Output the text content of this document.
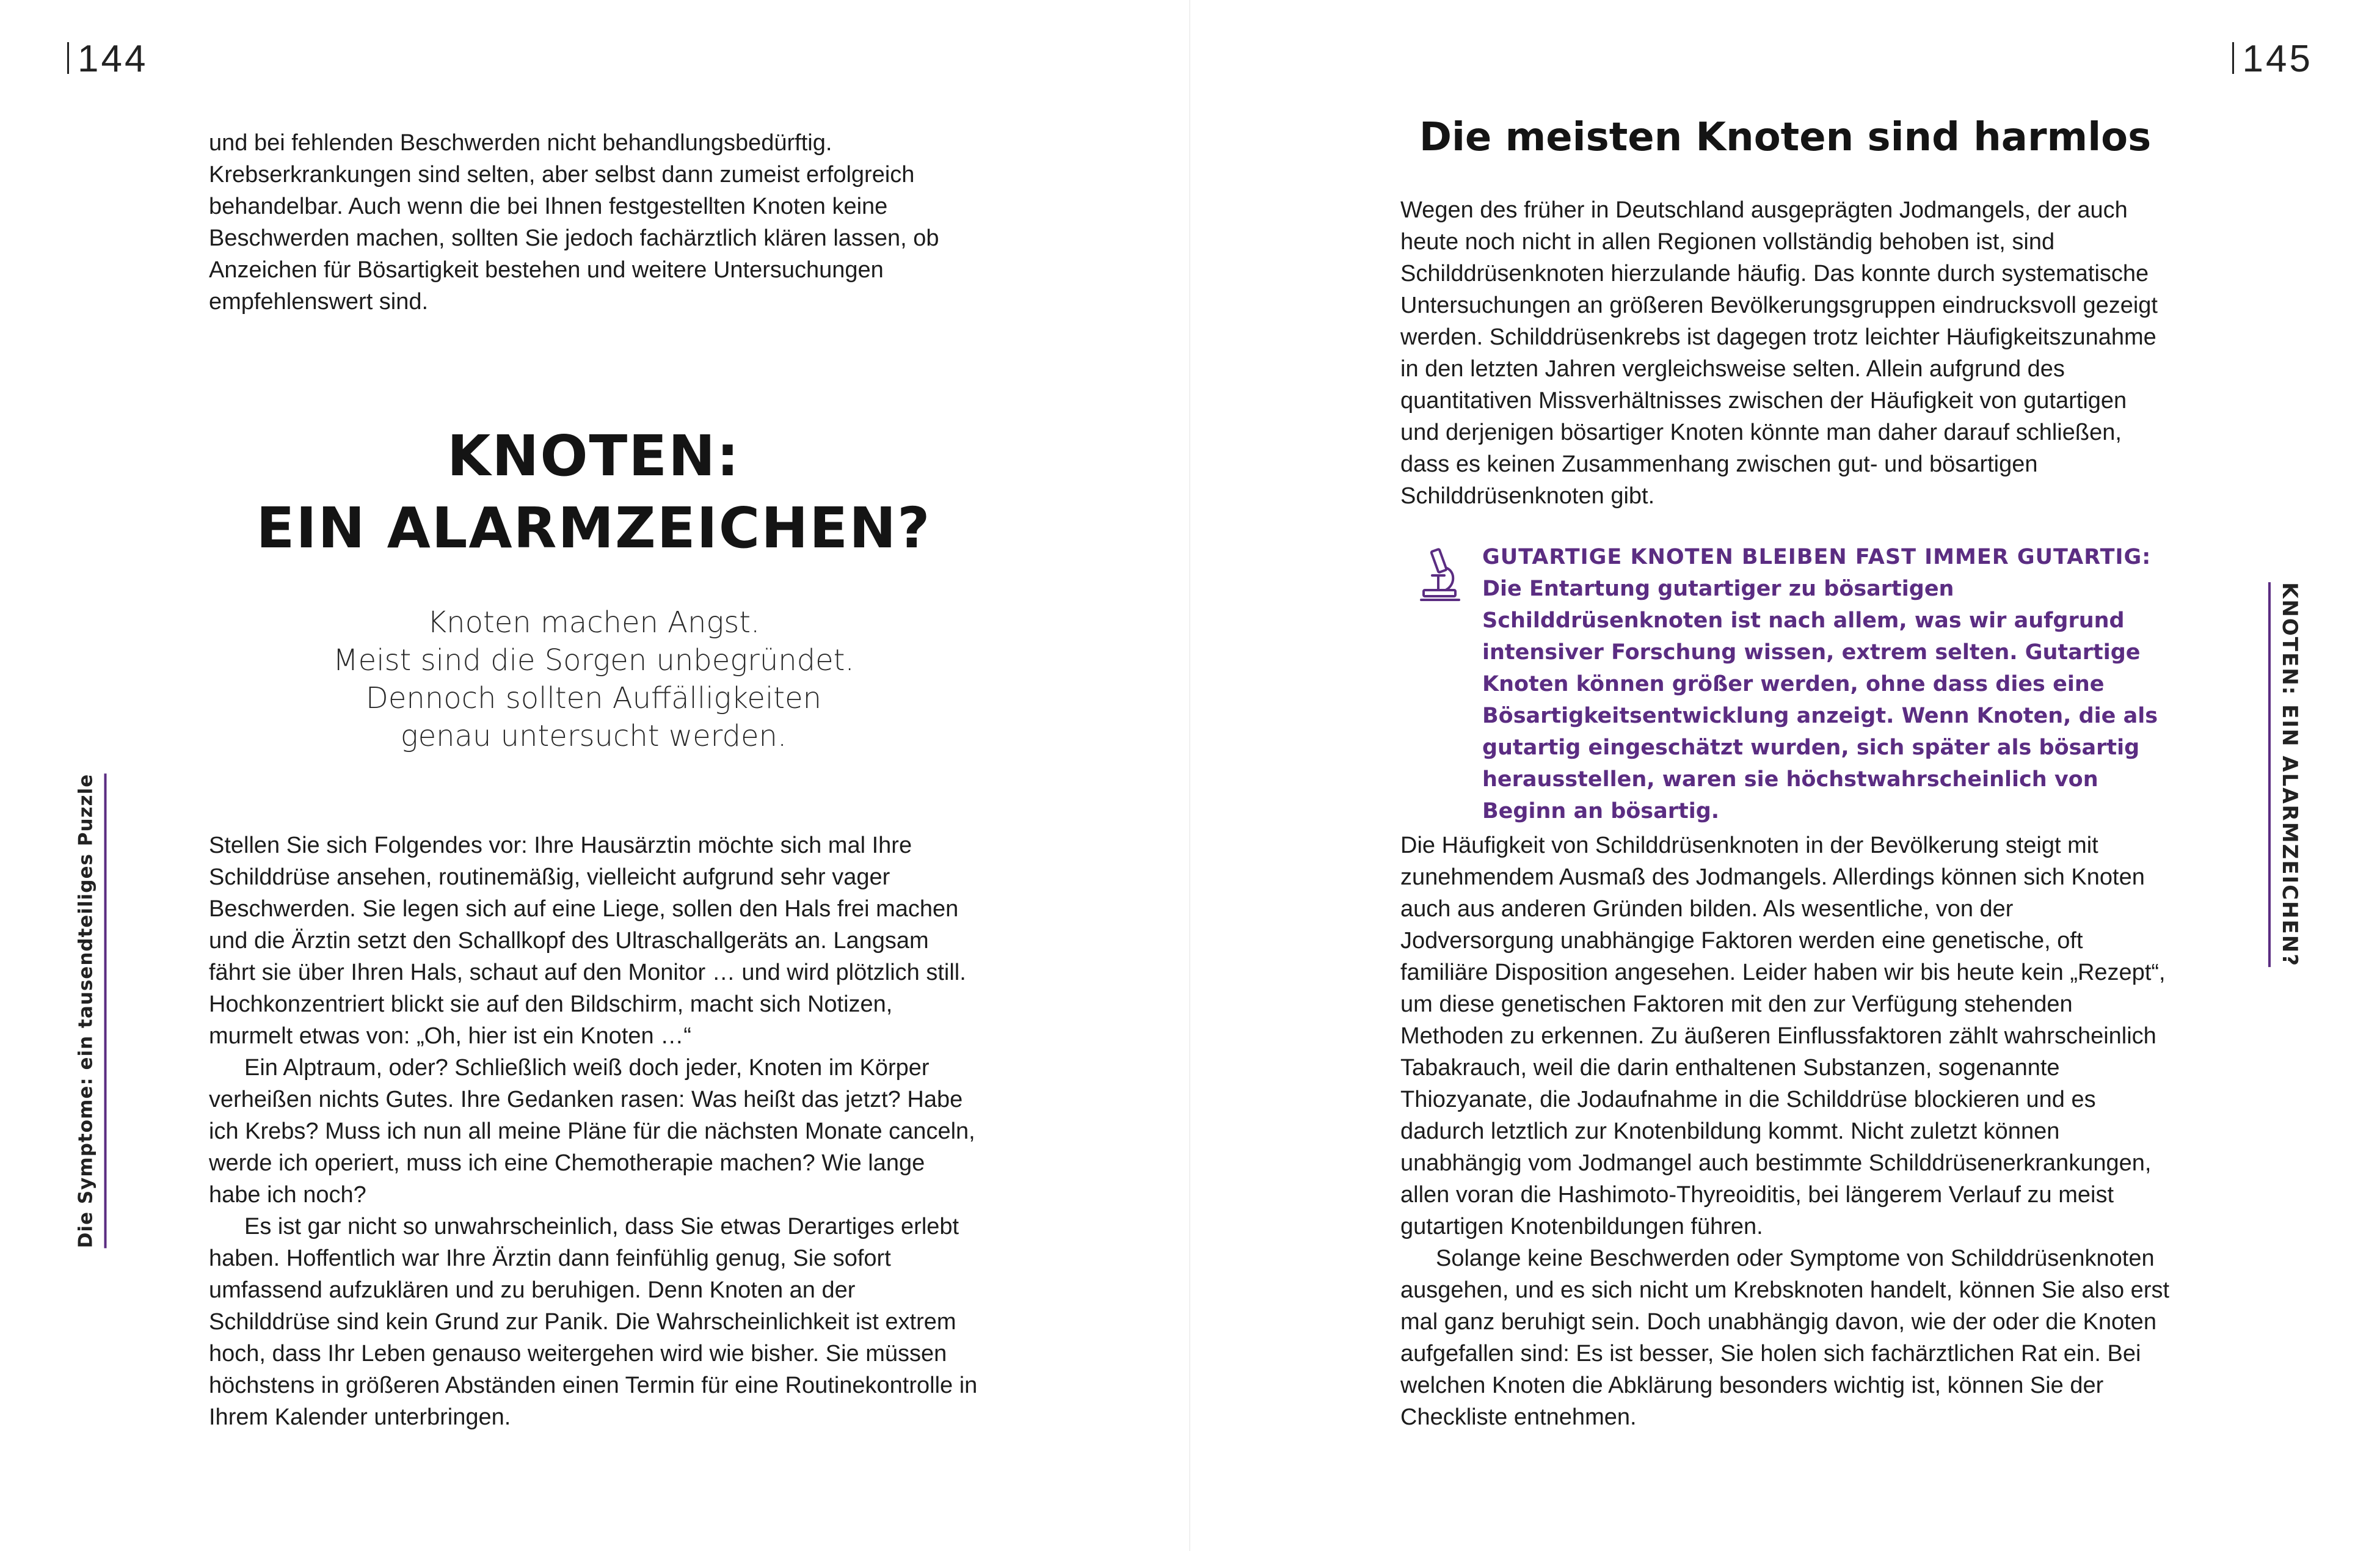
144
Die Symptome: ein tausendteiliges Puzzle

und bei fehlenden Beschwerden nicht behandlungsbedürftig. Krebserkrankungen sind selten, aber selbst dann zumeist erfolgreich behandelbar. Auch wenn die bei Ihnen festgestellten Knoten keine Beschwerden machen, sollten Sie jedoch fachärztlich klären lassen, ob Anzeichen für Bösartigkeit bestehen und weitere Untersuchungen empfehlenswert sind.

KNOTEN:
EIN ALARMZEICHEN?

Knoten machen Angst.
Meist sind die Sorgen unbegründet.
Dennoch sollten Auffälligkeiten
genau untersucht werden.

Stellen Sie sich Folgendes vor: Ihre Hausärztin möchte sich mal Ihre Schilddrüse ansehen, routinemäßig, vielleicht aufgrund sehr vager Beschwerden. Sie legen sich auf eine Liege, sollen den Hals frei machen und die Ärztin setzt den Schallkopf des Ultraschallgeräts an. Langsam fährt sie über Ihren Hals, schaut auf den Monitor … und wird plötzlich still. Hochkonzentriert blickt sie auf den Bildschirm, macht sich Notizen, murmelt etwas von: „Oh, hier ist ein Knoten …“

Ein Alptraum, oder? Schließlich weiß doch jeder, Knoten im Körper verheißen nichts Gutes. Ihre Gedanken rasen: Was heißt das jetzt? Habe ich Krebs? Muss ich nun all meine Pläne für die nächsten Monate canceln, werde ich operiert, muss ich eine Chemotherapie machen? Wie lange habe ich noch?

Es ist gar nicht so unwahrscheinlich, dass Sie etwas Derartiges erlebt haben. Hoffentlich war Ihre Ärztin dann feinfühlig genug, Sie sofort umfassend aufzuklären und zu beruhigen. Denn Knoten an der Schilddrüse sind kein Grund zur Panik. Die Wahrscheinlichkeit ist extrem hoch, dass Ihr Leben genauso weitergehen wird wie bisher. Sie müssen höchstens in größeren Abständen einen Termin für eine Routinekontrolle in Ihrem Kalender unterbringen.

145
KNOTEN: EIN ALARMZEICHEN?
Die meisten Knoten sind harmlos

Wegen des früher in Deutschland ausgeprägten Jodmangels, der auch heute noch nicht in allen Regionen vollständig behoben ist, sind Schilddrüsenknoten hierzulande häufig. Das konnte durch systematische Untersuchungen an größeren Bevölkerungsgruppen eindrucksvoll gezeigt werden. Schilddrüsenkrebs ist dagegen trotz leichter Häufigkeitszunahme in den letzten Jahren vergleichsweise selten. Allein aufgrund des quantitativen Missverhältnisses zwischen der Häufigkeit von gutartigen und derjenigen bösartiger Knoten könnte man daher darauf schließen, dass es keinen Zusammenhang zwischen gut- und bösartigen Schilddrüsenknoten gibt.

GUTARTIGE KNOTEN BLEIBEN FAST IMMER GUTARTIG: Die Entartung gutartiger zu bösartigen Schilddrüsenknoten ist nach allem, was wir aufgrund intensiver Forschung wissen, extrem selten. Gutartige Knoten können größer werden, ohne dass dies eine Bösartigkeitsentwicklung anzeigt. Wenn Knoten, die als gutartig eingeschätzt wurden, sich später als bösartig herausstellen, waren sie höchstwahrscheinlich von Beginn an bösartig.

Die Häufigkeit von Schilddrüsenknoten in der Bevölkerung steigt mit zunehmendem Ausmaß des Jodmangels. Allerdings können sich Knoten auch aus anderen Gründen bilden. Als wesentliche, von der Jodversorgung unabhängige Faktoren werden eine genetische, oft familiäre Disposition angesehen. Leider haben wir bis heute kein „Rezept“, um diese genetischen Faktoren mit den zur Verfügung stehenden Methoden zu erkennen. Zu äußeren Einflussfaktoren zählt wahrscheinlich Tabakrauch, weil die darin enthaltenen Substanzen, sogenannte Thiozyanate, die Jodaufnahme in die Schilddrüse blockieren und es dadurch letztlich zur Knotenbildung kommt. Nicht zuletzt können unabhängig vom Jodmangel auch bestimmte Schilddrüsenerkrankungen, allen voran die Hashimoto-Thyreoiditis, bei längerem Verlauf zu meist gutartigen Knotenbildungen führen.

Solange keine Beschwerden oder Symptome von Schilddrüsenknoten ausgehen, und es sich nicht um Krebsknoten handelt, können Sie also erst mal ganz beruhigt sein. Doch unabhängig davon, wie der oder die Knoten aufgefallen sind: Es ist besser, Sie holen sich fachärztlichen Rat ein. Bei welchen Knoten die Abklärung besonders wichtig ist, können Sie der Checkliste entnehmen.
